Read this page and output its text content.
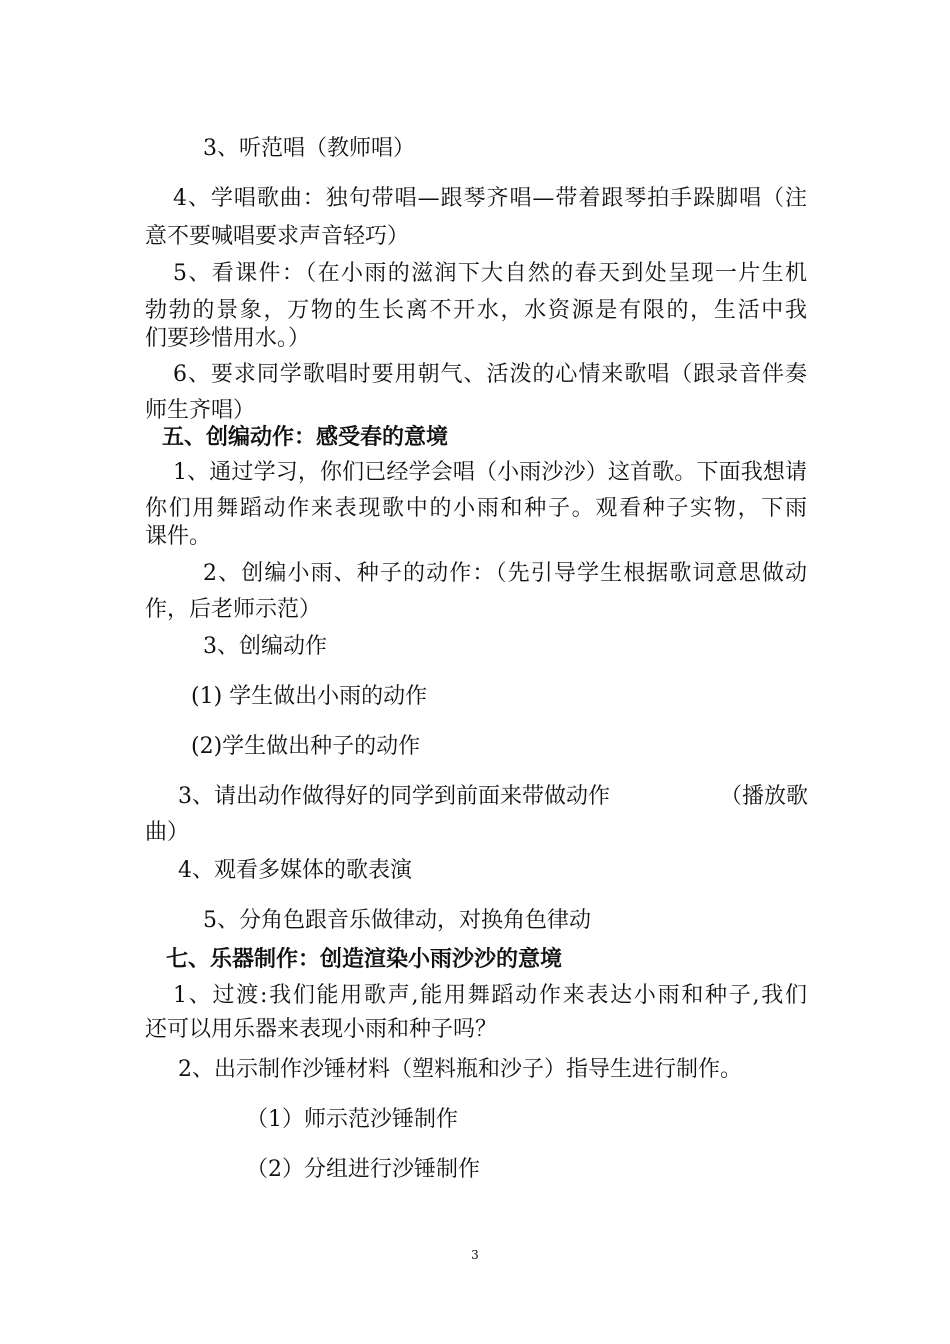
3、听范唱（教师唱）
4、学唱歌曲：独句带唱—跟琴齐唱—带着跟琴拍手跺脚唱（注
意不要喊唱要求声音轻巧）
5、看课件：（在小雨的滋润下大自然的春天到处呈现一片生机
勃勃的景象，万物的生长离不开水，水资源是有限的，生活中我
们要珍惜用水。）
6、要求同学歌唱时要用朝气、活泼的心情来歌唱（跟录音伴奏
师生齐唱）
五、创编动作：感受春的意境
1、通过学习，你们已经学会唱（小雨沙沙）这首歌。下面我想请
你们用舞蹈动作来表现歌中的小雨和种子。观看种子实物，下雨
课件。
2、创编小雨、种子的动作：（先引导学生根据歌词意思做动
作，后老师示范）
3、创编动作
(1) 学生做出小雨的动作
(2)学生做出种子的动作
3、请出动作做得好的同学到前面来带做动作	（播放歌
曲）
4、观看多媒体的歌表演
5、分角色跟音乐做律动，对换角色律动
七、乐器制作：创造渲染小雨沙沙的意境
1、过渡:我们能用歌声,能用舞蹈动作来表达小雨和种子,我们
还可以用乐器来表现小雨和种子吗？
2、出示制作沙锤材料（塑料瓶和沙子）指导生进行制作。
（1）师示范沙锤制作
（2）分组进行沙锤制作
3
